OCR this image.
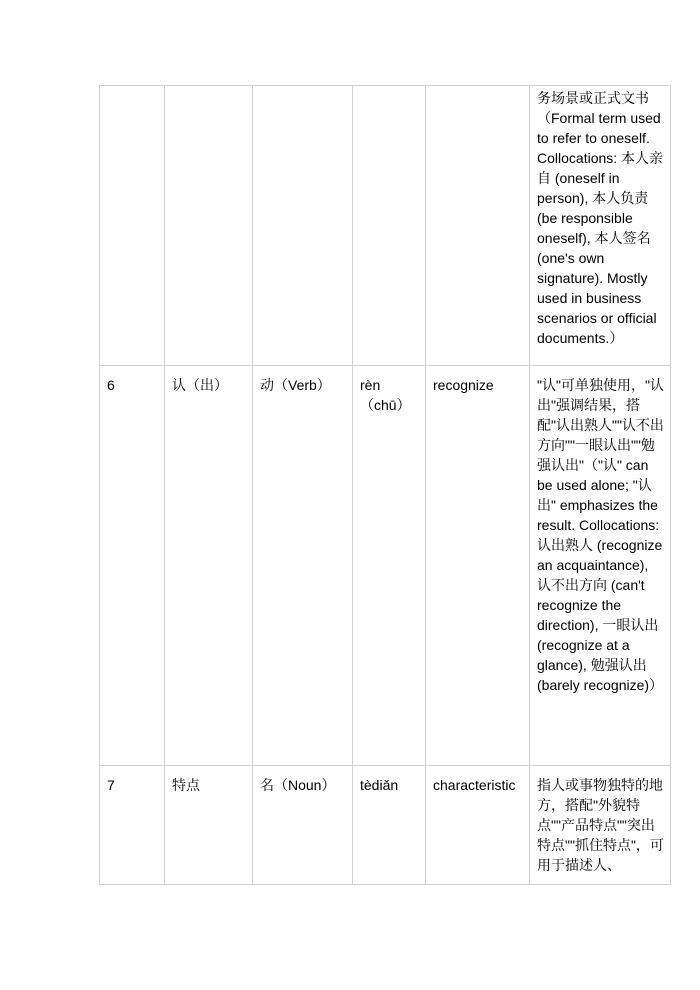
					务场景或正式文书（Formal term used to refer to oneself. Collocations: 本人亲自 (oneself in person), 本人负责 (be responsible oneself), 本人签名 (one's own signature). Mostly used in business scenarios or official documents.）
6	认（出）	动（Verb）	rèn（chū）	recognize	"认"可单独使用，"认出"强调结果，搭配"认出熟人""认不出方向""一眼认出""勉强认出"（"认" can be used alone; "认出" emphasizes the result. Collocations: 认出熟人 (recognize an acquaintance), 认不出方向 (can't recognize the direction), 一眼认出 (recognize at a glance), 勉强认出 (barely recognize)）
7	特点	名（Noun）	tèdiǎn	characteristic	指人或事物独特的地方，搭配"外貌特点""产品特点""突出特点""抓住特点"，可用于描述人、
